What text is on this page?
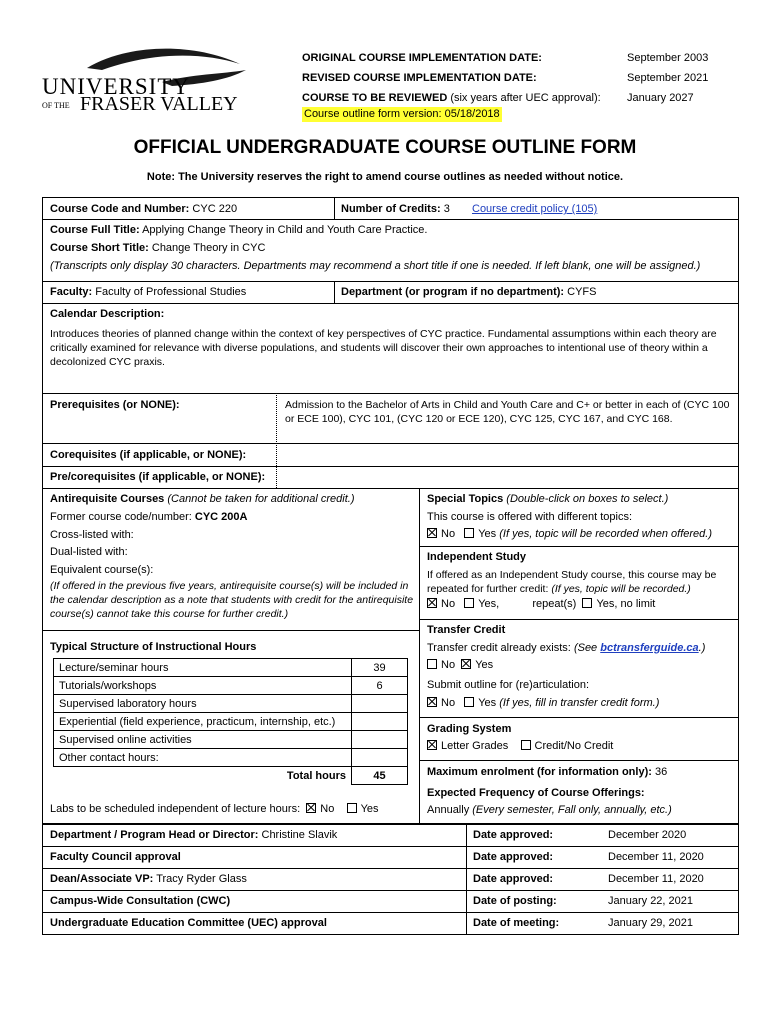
UNIVERSITY
OF THE FRASER VALLEY
ORIGINAL COURSE IMPLEMENTATION DATE:	September 2003
REVISED COURSE IMPLEMENTATION DATE:	September 2021
COURSE TO BE REVIEWED (six years after UEC approval): January 2027
Course outline form version: 05/18/2018
OFFICIAL UNDERGRADUATE COURSE OUTLINE FORM
Note: The University reserves the right to amend course outlines as needed without notice.
Course Code and Number: CYC 220	Number of Credits: 3 Course credit policy (105)
Course Full Title: Applying Change Theory in Child and Youth Care Practice.
Course Short Title: Change Theory in CYC
(Transcripts only display 30 characters. Departments may recommend a short title if one is needed. If left blank, one will be assigned.)
Faculty: Faculty of Professional Studies	Department (or program if no department): CYFS
Calendar Description:
Introduces theories of planned change within the context of key perspectives of CYC practice. Fundamental assumptions within each theory are critically examined for relevance with diverse populations, and students will discover their own approaches to intentional use of theory within a decolonized CYC praxis.
Prerequisites (or NONE):	Admission to the Bachelor of Arts in Child and Youth Care and C+ or better in each of (CYC 100 or ECE 100), CYC 101, (CYC 120 or ECE 120), CYC 125, CYC 167, and CYC 168.
Corequisites (if applicable, or NONE):
Pre/corequisites (if applicable, or NONE):
Antirequisite Courses (Cannot be taken for additional credit.)
Former course code/number: CYC 200A
Cross-listed with:
Dual-listed with:
Equivalent course(s):
(If offered in the previous five years, antirequisite course(s) will be included in the calendar description as a note that students with credit for the antirequisite course(s) cannot take this course for further credit.)
Special Topics (Double-click on boxes to select.)
This course is offered with different topics:
No Yes (If yes, topic will be recorded when offered.)
Independent Study
If offered as an Independent Study course, this course may be repeated for further credit: (If yes, topic will be recorded.)
No Yes,	repeat(s) Yes, no limit
Transfer Credit
Transfer credit already exists: (See bctransferguide.ca.)
No Yes
Submit outline for (re)articulation:
No Yes (If yes, fill in transfer credit form.)
Grading System
Letter Grades Credit/No Credit
Maximum enrolment (for information only): 36
Expected Frequency of Course Offerings:
Annually (Every semester, Fall only, annually, etc.)
Typical Structure of Instructional Hours
Lecture/seminar hours	39
Tutorials/workshops	6
Supervised laboratory hours	
Experiential (field experience, practicum, internship, etc.)	
Supervised online activities	
Other contact hours:	
Total hours	45
Labs to be scheduled independent of lecture hours: No Yes
Department / Program Head or Director: Christine Slavik	Date approved:	December 2020
Faculty Council approval	Date approved:	December 11, 2020
Dean/Associate VP: Tracy Ryder Glass	Date approved:	December 11, 2020
Campus-Wide Consultation (CWC)	Date of posting:	January 22, 2021
Undergraduate Education Committee (UEC) approval	Date of meeting:	January 29, 2021
